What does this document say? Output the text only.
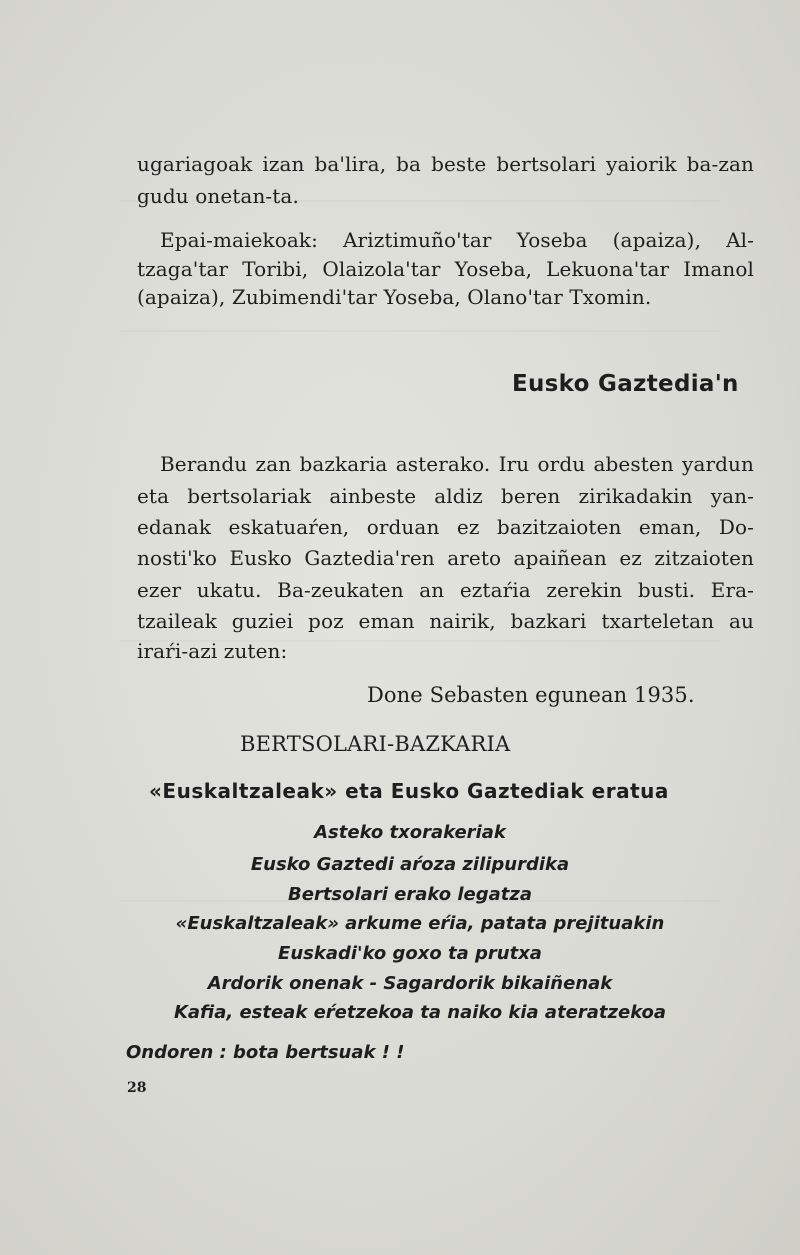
ugariagoak izan ba'lira, ba beste bertsolari yaiorik ba-zan
gudu onetan-ta.
Epai-maiekoak: Ariztimuño'tar Yoseba (apaiza), Al-
tzaga'tar Toribi, Olaizola'tar Yoseba, Lekuona'tar Imanol
(apaiza), Zubimendi'tar Yoseba, Olano'tar Txomin.
Eusko Gaztedia'n
Berandu zan bazkaria asterako. Iru ordu abesten yardun
eta bertsolariak ainbeste aldiz beren zirikadakin yan-
edanak eskatuaŕen, orduan ez bazitzaioten eman, Do-
nosti'ko Eusko Gaztedia'ren areto apaiñean ez zitzaioten
ezer ukatu. Ba-zeukaten an eztaŕia zerekin busti. Era-
tzaileak guziei poz eman nairik, bazkari txarteletan au
iraŕi-azi zuten:
Done Sebasten egunean 1935.
BERTSOLARI-BAZKARIA
«Euskaltzaleak» eta Eusko Gaztediak eratua
Asteko txorakeriak
Eusko Gaztedi aŕoza zilipurdika
Bertsolari erako legatza
«Euskaltzaleak» arkume eŕia, patata prejituakin
Euskadi'ko goxo ta prutxa
Ardorik onenak - Sagardorik bikaiñenak
Kafia, esteak eŕetzekoa ta naiko kia ateratzekoa
Ondoren : bota bertsuak ! !
28
